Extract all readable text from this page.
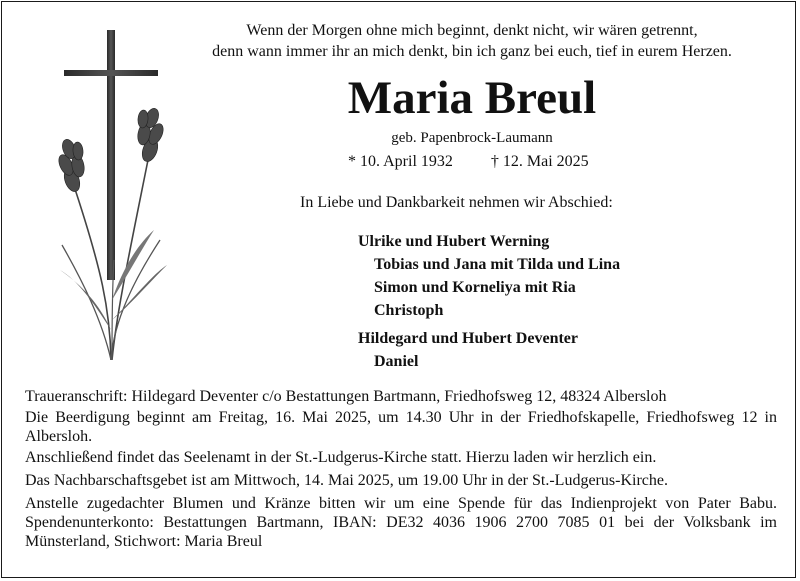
Wenn der Morgen ohne mich beginnt, denkt nicht, wir wären getrennt,
denn wann immer ihr an mich denkt, bin ich ganz bei euch, tief in eurem Herzen.
Maria Breul
geb. Papenbrock-Laumann
* 10. April 1932 † 12. Mai 2025
In Liebe und Dankbarkeit nehmen wir Abschied:
Ulrike und Hubert Werning
Tobias und Jana mit Tilda und Lina
Simon und Korneliya mit Ria
Christoph
Hildegard und Hubert Deventer
Daniel

Traueranschrift: Hildegard Deventer c/o Bestattungen Bartmann, Friedhofsweg 12, 48324 Albersloh

Die Beerdigung beginnt am Freitag, 16. Mai 2025, um 14.30 Uhr in der Friedhofskapelle, Friedhofsweg 12 in Albersloh.

Anschließend findet das Seelenamt in der St.-Ludgerus-Kirche statt. Hierzu laden wir herzlich ein.

Das Nachbarschaftsgebet ist am Mittwoch, 14. Mai 2025, um 19.00 Uhr in der St.-Ludgerus-Kirche.

Anstelle zugedachter Blumen und Kränze bitten wir um eine Spende für das Indienprojekt von Pater Babu. Spendenunterkonto: Bestattungen Bartmann, IBAN: DE32 4036 1906 2700 7085 01 bei der Volksbank im Münsterland, Stichwort: Maria Breul
